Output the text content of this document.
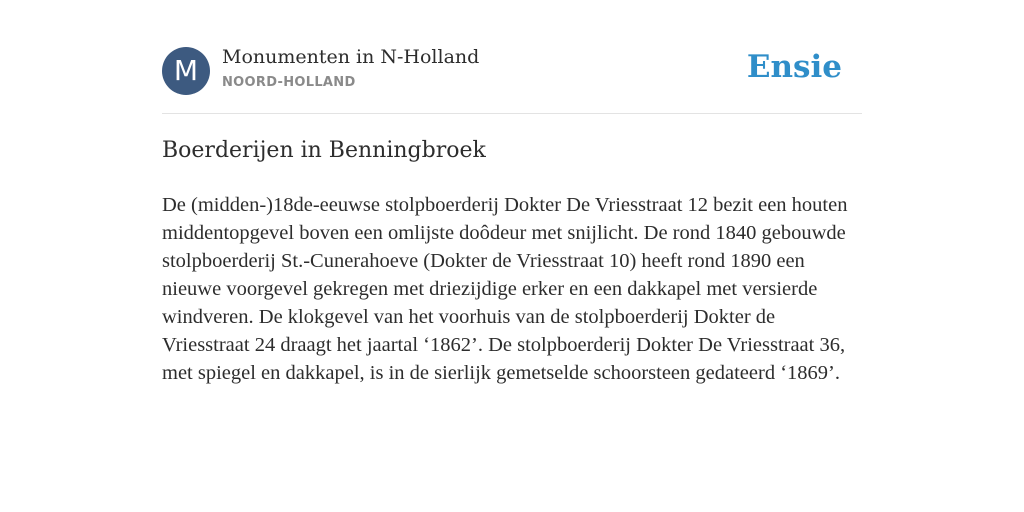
M	Monumenten in N-Holland
NOORD-HOLLAND	Ensie
Boerderijen in Benningbroek

De (midden-)18de-eeuwse stolpboerderij Dokter De Vriesstraat 12 bezit een houten middentopgevel boven een omlijste doôdeur met snijlicht. De rond 1840 gebouwde stolpboerderij St.-Cunerahoeve (Dokter de Vriesstraat 10) heeft rond 1890 een nieuwe voorgevel gekregen met driezijdige erker en een dakkapel met versierde windveren. De klokgevel van het voorhuis van de stolpboerderij Dokter de Vriesstraat 24 draagt het jaartal ‘1862’. De stolpboerderij Dokter De Vriesstraat 36, met spiegel en dakkapel, is in de sierlijk gemetselde schoorsteen gedateerd ‘1869’.
